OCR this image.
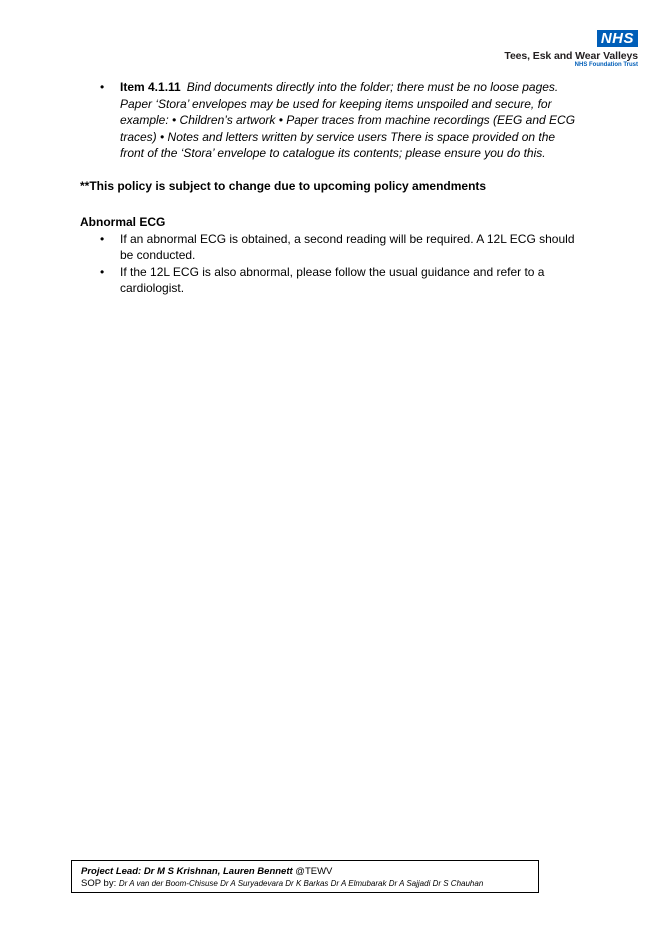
NHS
Tees, Esk and Wear Valleys
NHS Foundation Trust
• Item 4.1.11 Bind documents directly into the folder; there must be no loose pages. Paper ‘Stora’ envelopes may be used for keeping items unspoiled and secure, for example: • Children’s artwork • Paper traces from machine recordings (EEG and ECG traces) • Notes and letters written by service users There is space provided on the front of the ‘Stora’ envelope to catalogue its contents; please ensure you do this.
**This policy is subject to change due to upcoming policy amendments
Abnormal ECG
• If an abnormal ECG is obtained, a second reading will be required. A 12L ECG should be conducted.
• If the 12L ECG is also abnormal, please follow the usual guidance and refer to a cardiologist.
Project Lead: Dr M S Krishnan, Lauren Bennett @TEWV
SOP by: Dr A van der Boom-Chisuse Dr A Suryadevara Dr K Barkas Dr A Elmubarak Dr A Sajjadi Dr S Chauhan
